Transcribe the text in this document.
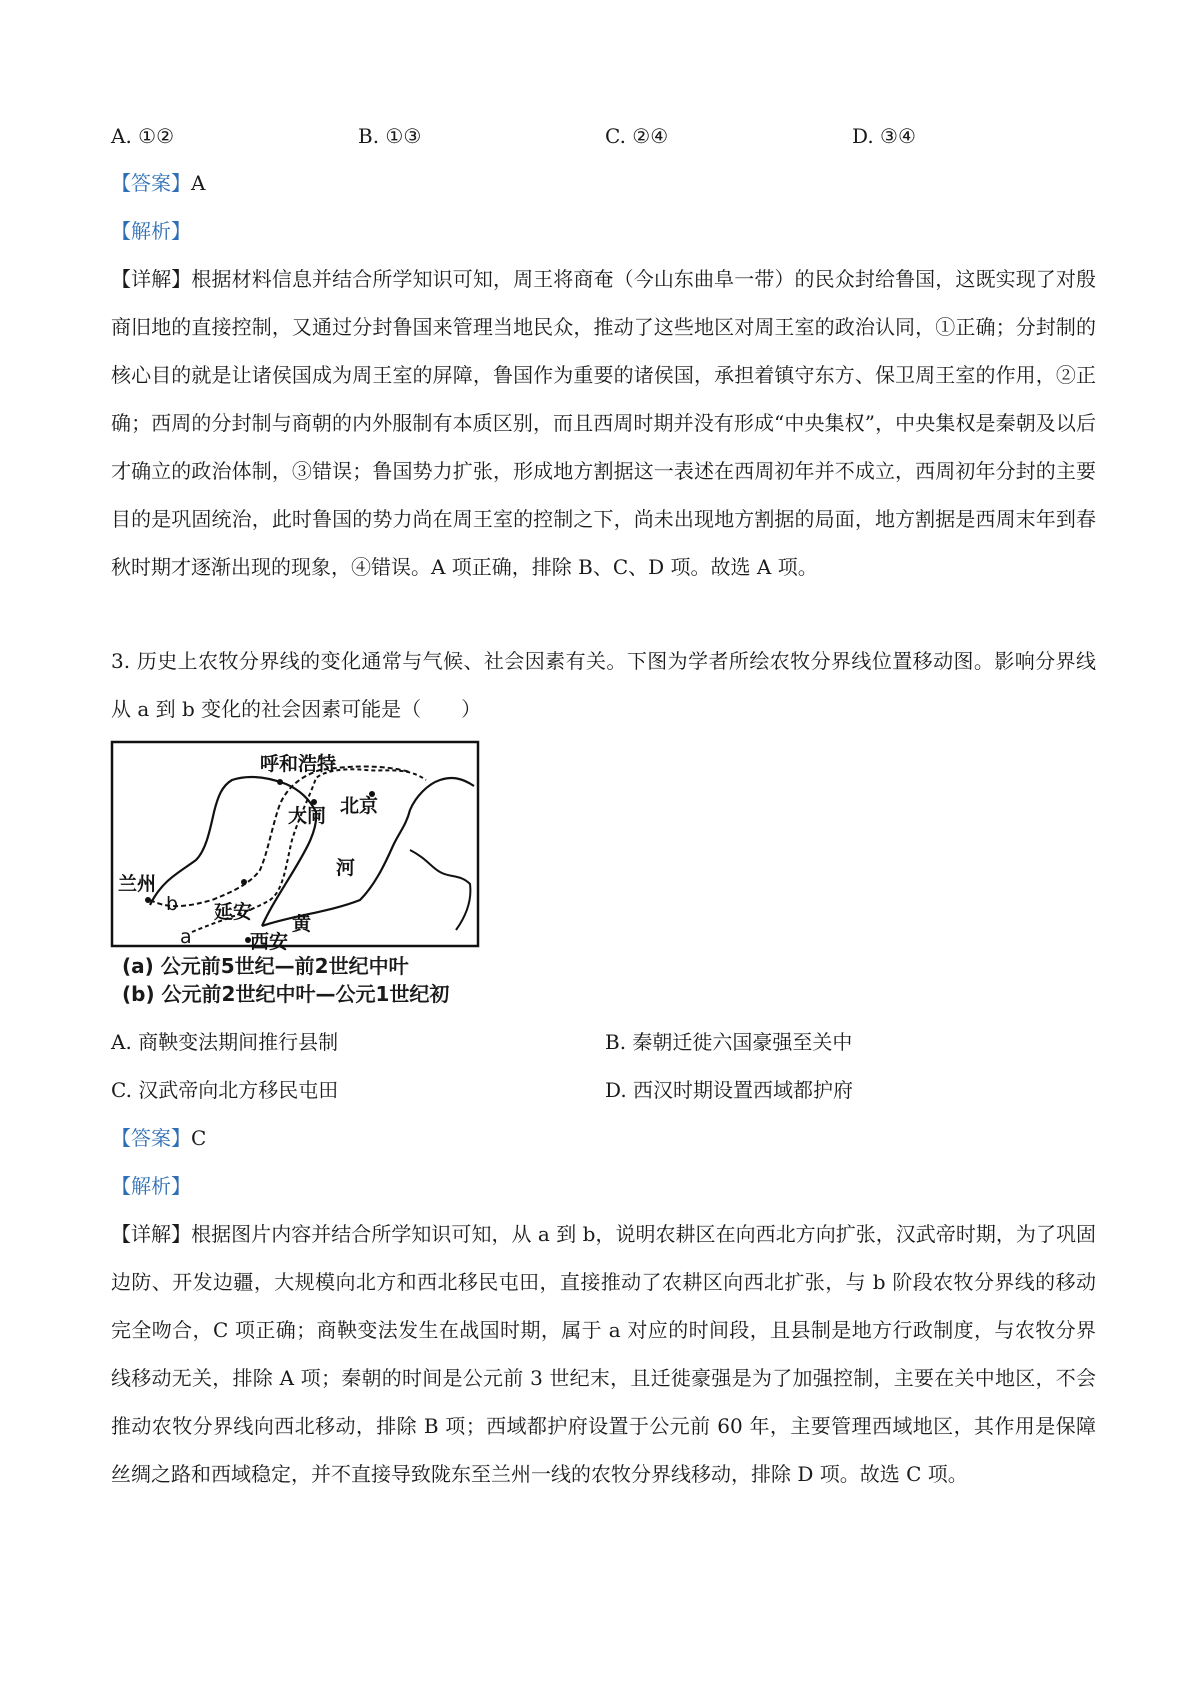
A. ①②	B. ①③	C. ②④	D. ③④
【答案】A
【解析】

【详解】根据材料信息并结合所学知识可知，周王将商奄（今山东曲阜一带）的民众封给鲁国，这既实现了对殷商旧地的直接控制，又通过分封鲁国来管理当地民众，推动了这些地区对周王室的政治认同，①正确；分封制的核心目的就是让诸侯国成为周王室的屏障，鲁国作为重要的诸侯国，承担着镇守东方、保卫周王室的作用，②正确；西周的分封制与商朝的内外服制有本质区别，而且西周时期并没有形成“中央集权”，中央集权是秦朝及以后才确立的政治体制，③错误；鲁国势力扩张，形成地方割据这一表述在西周初年并不成立，西周初年分封的主要目的是巩固统治，此时鲁国的势力尚在周王室的控制之下，尚未出现地方割据的局面，地方割据是西周末年到春秋时期才逐渐出现的现象，④错误。A 项正确，排除 B、C、D 项。故选 A 项。

3. 历史上农牧分界线的变化通常与气候、社会因素有关。下图为学者所绘农牧分界线位置移动图。影响分界线从 a 到 b 变化的社会因素可能是（　　）

呼和浩特
大同 北京
兰州
延安
西安
黄
河
a
b
(a) 公元前5世纪—前2世纪中叶
(b) 公元前2世纪中叶—公元1世纪初
A. 商鞅变法期间推行县制	B. 秦朝迁徙六国豪强至关中
C. 汉武帝向北方移民屯田	D. 西汉时期设置西域都护府
【答案】C
【解析】

【详解】根据图片内容并结合所学知识可知，从 a 到 b，说明农耕区在向西北方向扩张，汉武帝时期，为了巩固边防、开发边疆，大规模向北方和西北移民屯田，直接推动了农耕区向西北扩张，与 b 阶段农牧分界线的移动完全吻合，C 项正确；商鞅变法发生在战国时期，属于 a 对应的时间段，且县制是地方行政制度，与农牧分界线移动无关，排除 A 项；秦朝的时间是公元前 3 世纪末，且迁徙豪强是为了加强控制，主要在关中地区，不会推动农牧分界线向西北移动，排除 B 项；西域都护府设置于公元前 60 年，主要管理西域地区，其作用是保障丝绸之路和西域稳定，并不直接导致陇东至兰州一线的农牧分界线移动，排除 D 项。故选 C 项。
